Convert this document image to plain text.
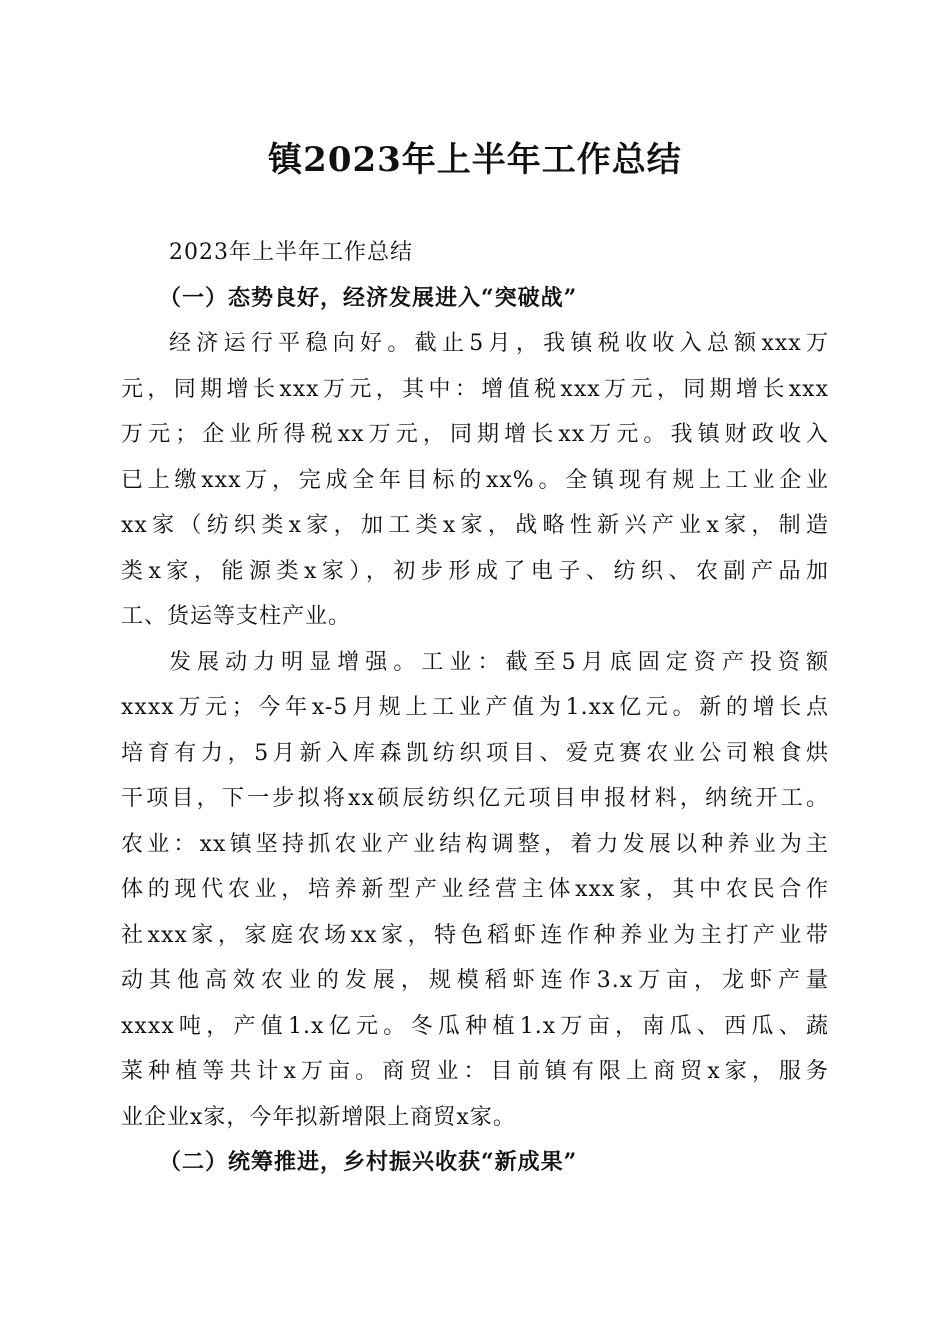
镇2023年上半年工作总结
2023年上半年工作总结
（一）态势良好，经济发展进入“突破战”
经济运行平稳向好。截止5月，我镇税收收入总额xxx万
元，同期增长xxx万元，其中：增值税xxx万元，同期增长xxx
万元；企业所得税xx万元，同期增长xx万元。我镇财政收入
已上缴xxx万，完成全年目标的xx%。全镇现有规上工业企业
xx家（纺织类x家，加工类x家，战略性新兴产业x家，制造
类x家，能源类x家），初步形成了电子、纺织、农副产品加
工、货运等支柱产业。
发展动力明显增强。工业：截至5月底固定资产投资额
xxxx万元；今年x-5月规上工业产值为1.xx亿元。新的增长点
培育有力，5月新入库森凯纺织项目、爱克赛农业公司粮食烘
干项目，下一步拟将xx硕辰纺织亿元项目申报材料，纳统开工。
农业：xx镇坚持抓农业产业结构调整，着力发展以种养业为主
体的现代农业，培养新型产业经营主体xxx家，其中农民合作
社xxx家，家庭农场xx家，特色稻虾连作种养业为主打产业带
动其他高效农业的发展，规模稻虾连作3.x万亩，龙虾产量
xxxx吨，产值1.x亿元。冬瓜种植1.x万亩，南瓜、西瓜、蔬
菜种植等共计x万亩。商贸业：目前镇有限上商贸x家，服务
业企业x家，今年拟新增限上商贸x家。
（二）统筹推进，乡村振兴收获“新成果”
